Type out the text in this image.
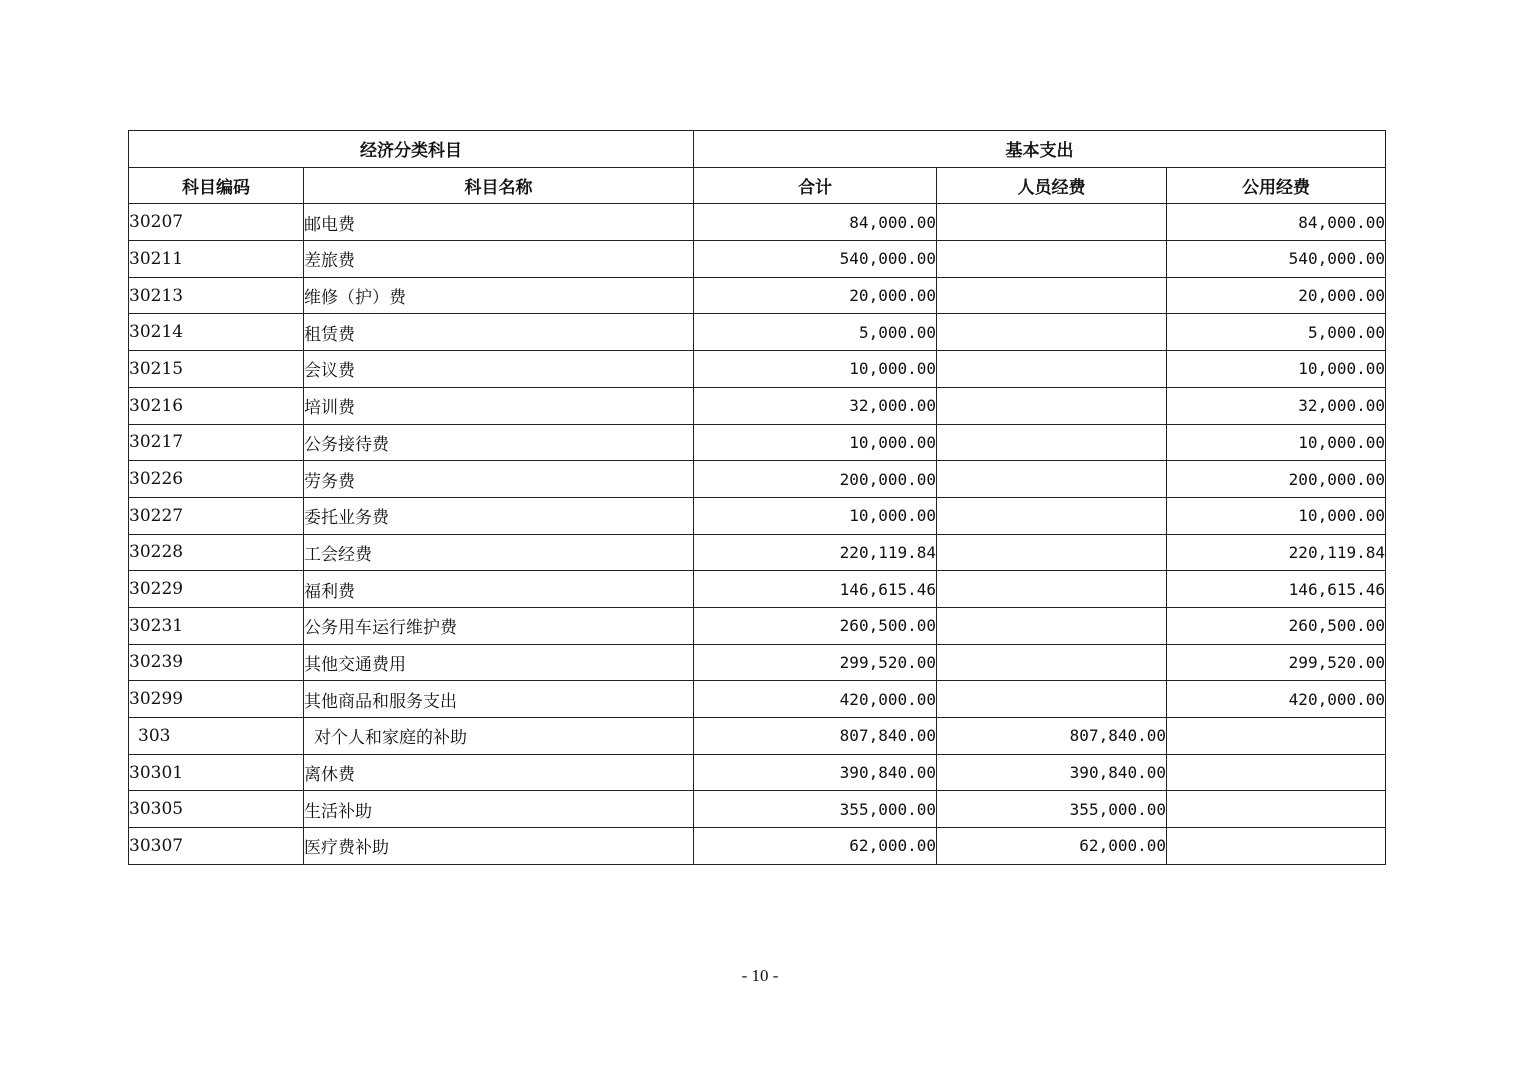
经济分类科目		基本支出		
科目编码	科目名称	合计	人员经费	公用经费
30207	邮电费	84,000.00		84,000.00
30211	差旅费	540,000.00		540,000.00
30213	维修（护）费	20,000.00		20,000.00
30214	租赁费	5,000.00		5,000.00
30215	会议费	10,000.00		10,000.00
30216	培训费	32,000.00		32,000.00
30217	公务接待费	10,000.00		10,000.00
30226	劳务费	200,000.00		200,000.00
30227	委托业务费	10,000.00		10,000.00
30228	工会经费	220,119.84		220,119.84
30229	福利费	146,615.46		146,615.46
30231	公务用车运行维护费	260,500.00		260,500.00
30239	其他交通费用	299,520.00		299,520.00
30299	其他商品和服务支出	420,000.00		420,000.00
303	对个人和家庭的补助	807,840.00	807,840.00	
30301	离休费	390,840.00	390,840.00	
30305	生活补助	355,000.00	355,000.00	
30307	医疗费补助	62,000.00	62,000.00	
- 10 -
